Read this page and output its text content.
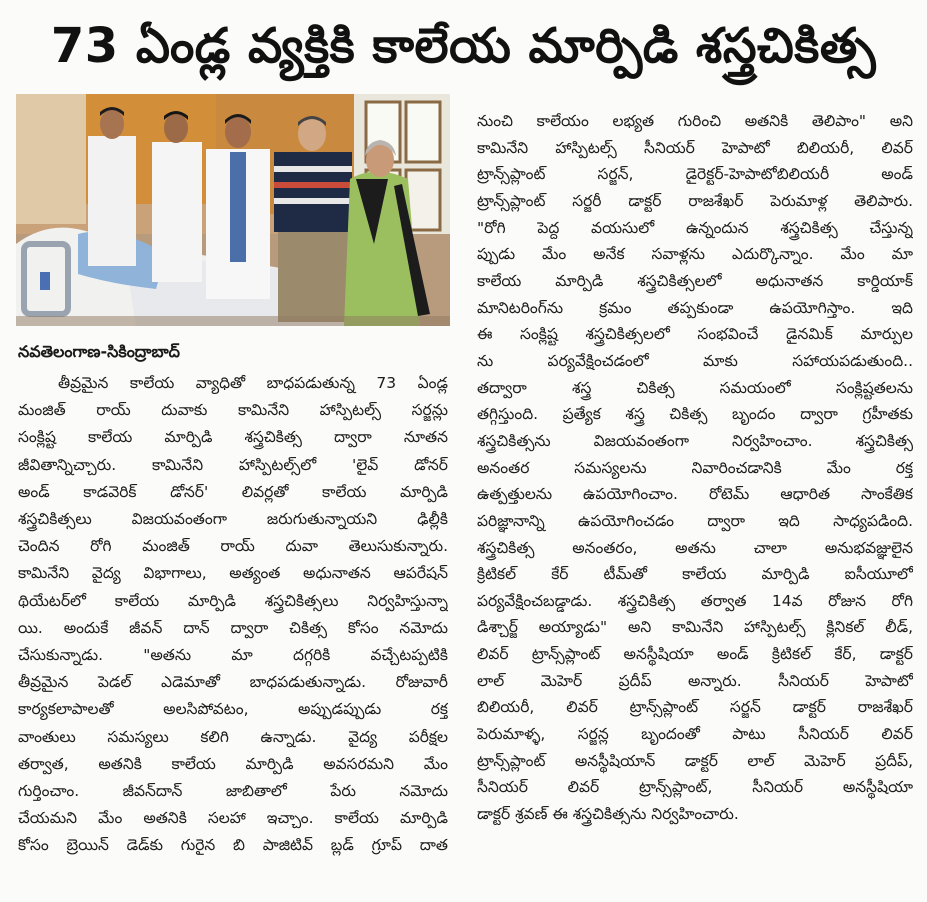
73 ఏండ్ల వ్యక్తికి కాలేయ మార్పిడి శస్త్రచికిత్స
నవతెలంగాణ-సికింద్రాబాద్
తీవ్రమైన కాలేయ వ్యాధితో బాధపడుతున్న 73 ఏండ్ల
మంజిత్ రాయ్ దువాకు కామినేని హాస్పిటల్స్ సర్జన్లు
సంక్లిష్ట కాలేయ మార్పిడి శస్త్రచికిత్స ద్వారా నూతన
జీవితాన్నిచ్చారు. కామినేని హాస్పిటల్స్‌లో 'లైవ్ డోనర్
అండ్ కాడవెరిక్ డోనర్' లివర్లతో కాలేయ మార్పిడి
శస్త్రచికిత్సలు విజయవంతంగా జరుగుతున్నాయని ఢిల్లీకి
చెందిన రోగి మంజిత్ రాయ్ దువా తెలుసుకున్నారు.
కామినేని వైద్య విభాగాలు, అత్యంత అధునాతన ఆపరేషన్
థియేటర్‌లో కాలేయ మార్పిడి శస్త్రచికిత్సలు నిర్వహిస్తున్నా
యి. అందుకే జీవన్ దాన్ ద్వారా చికిత్స కోసం నమోదు
చేసుకున్నాడు. "అతను మా దగ్గరికి వచ్చేటప్పటికి
తీవ్రమైన పెడల్ ఎడెమాతో బాధపడుతున్నాడు. రోజువారీ
కార్యకలాపాలతో అలసిపోవటం, అప్పుడప్పుడు రక్త
వాంతులు సమస్యలు కలిగి ఉన్నాడు. వైద్య పరీక్షల
తర్వాత, అతనికి కాలేయ మార్పిడి అవసరమని మేం
గుర్తించాం. జీవన్‌దాన్ జాబితాలో పేరు నమోదు
చేయమని మేం అతనికి సలహా ఇచ్చాం. కాలేయ మార్పిడి
కోసం బ్రెయిన్ డెడ్‌కు గురైన బి పాజిటివ్ బ్లడ్ గ్రూప్ దాత
నుంచి కాలేయం లభ్యత గురించి అతనికి తెలిపాం" అని
కామినేని హాస్పిటల్స్ సీనియర్ హెపాటో బిలియరీ, లివర్
ట్రాన్స్‌ప్లాంట్ సర్జన్, డైరెక్టర్-హెపాటోబిలియరీ అండ్
ట్రాన్స్‌ప్లాంట్ సర్జరీ డాక్టర్ రాజశేఖర్ పెరుమాళ్ల తెలిపారు.
"రోగి పెద్ద వయసులో ఉన్నందున శస్త్రచికిత్స చేస్తున్న
ప్పుడు మేం అనేక సవాళ్లను ఎదుర్కొన్నాం. మేం మా
కాలేయ మార్పిడి శస్త్రచికిత్సలలో అధునాతన కార్డియాక్
మానిటరింగ్‌ను క్రమం తప్పకుండా ఉపయోగిస్తాం. ఇది
ఈ సంక్లిష్ట శస్త్రచికిత్సలలో సంభవించే డైనమిక్ మార్పుల
ను పర్యవేక్షించడంలో మాకు సహాయపడుతుంది..
తద్వారా శస్త్ర చికిత్స సమయంలో సంక్లిష్టతలను
తగ్గిస్తుంది. ప్రత్యేక శస్త్ర చికిత్స బృందం ద్వారా గ్రహీతకు
శస్త్రచికిత్సను విజయవంతంగా నిర్వహించాం. శస్త్రచికిత్స
అనంతర సమస్యలను నివారించడానికి మేం రక్త
ఉత్పత్తులను ఉపయోగించాం. రోటెమ్ ఆధారిత సాంకేతిక
పరిజ్ఞానాన్ని ఉపయోగించడం ద్వారా ఇది సాధ్యపడింది.
శస్త్రచికిత్స అనంతరం, అతను చాలా అనుభవజ్ఞులైన
క్రిటికల్ కేర్ టీమ్‌తో కాలేయ మార్పిడి ఐసీయూలో
పర్యవేక్షించబడ్డాడు. శస్త్రచికిత్స తర్వాత 14వ రోజున రోగి
డిశ్చార్జ్ అయ్యాడు" అని కామినేని హాస్పిటల్స్ క్లినికల్ లీడ్,
లివర్ ట్రాన్స్‌ప్లాంట్ అనస్థీషియా అండ్ క్రిటికల్ కేర్, డాక్టర్
లాల్ మెహెర్ ప్రదీప్ అన్నారు. సీనియర్ హెపాటో
బిలియరీ, లివర్ ట్రాన్స్‌ప్లాంట్ సర్జన్ డాక్టర్ రాజశేఖర్
పెరుమాళ్ళ, సర్జన్ల బృందంతో పాటు సీనియర్ లివర్
ట్రాన్స్‌ప్లాంట్ అనస్థీషియాన్ డాక్టర్ లాల్ మెహెర్ ప్రదీప్,
సీనియర్ లివర్ ట్రాన్స్‌ప్లాంట్, సీనియర్ అనస్థీషియా
డాక్టర్ శ్రవణ్ ఈ శస్త్రచికిత్సను నిర్వహించారు.
